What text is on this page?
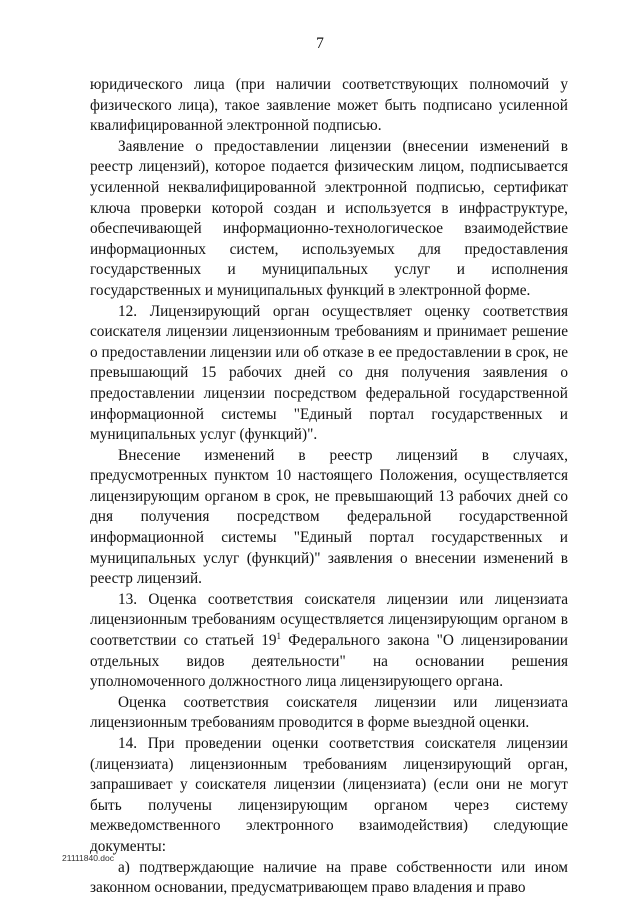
7

юридического лица (при наличии соответствующих полномочий у физического лица), такое заявление может быть подписано усиленной квалифицированной электронной подписью.

Заявление о предоставлении лицензии (внесении изменений в реестр лицензий), которое подается физическим лицом, подписывается усиленной неквалифицированной электронной подписью, сертификат ключа проверки которой создан и используется в инфраструктуре, обеспечивающей информационно-технологическое взаимодействие информационных систем, используемых для предоставления государственных и муниципальных услуг и исполнения государственных и муниципальных функций в электронной форме.

12. Лицензирующий орган осуществляет оценку соответствия соискателя лицензии лицензионным требованиям и принимает решение о предоставлении лицензии или об отказе в ее предоставлении в срок, не превышающий 15 рабочих дней со дня получения заявления о предоставлении лицензии посредством федеральной государственной информационной системы "Единый портал государственных и муниципальных услуг (функций)".

Внесение изменений в реестр лицензий в случаях, предусмотренных пунктом 10 настоящего Положения, осуществляется лицензирующим органом в срок, не превышающий 13 рабочих дней со дня получения посредством федеральной государственной информационной системы "Единый портал государственных и муниципальных услуг (функций)" заявления о внесении изменений в реестр лицензий.

13. Оценка соответствия соискателя лицензии или лицензиата лицензионным требованиям осуществляется лицензирующим органом в соответствии со статьей $19^1$ Федерального закона "О лицензировании отдельных видов деятельности" на основании решения уполномоченного должностного лица лицензирующего органа.

Оценка соответствия соискателя лицензии или лицензиата лицензионным требованиям проводится в форме выездной оценки.

14. При проведении оценки соответствия соискателя лицензии (лицензиата) лицензионным требованиям лицензирующий орган, запрашивает у соискателя лицензии (лицензиата) (если они не могут быть получены лицензирующим органом через систему межведомственного электронного взаимодействия) следующие документы:

а) подтверждающие наличие на праве собственности или ином законном основании, предусматривающем право владения и право

21111840.doc
